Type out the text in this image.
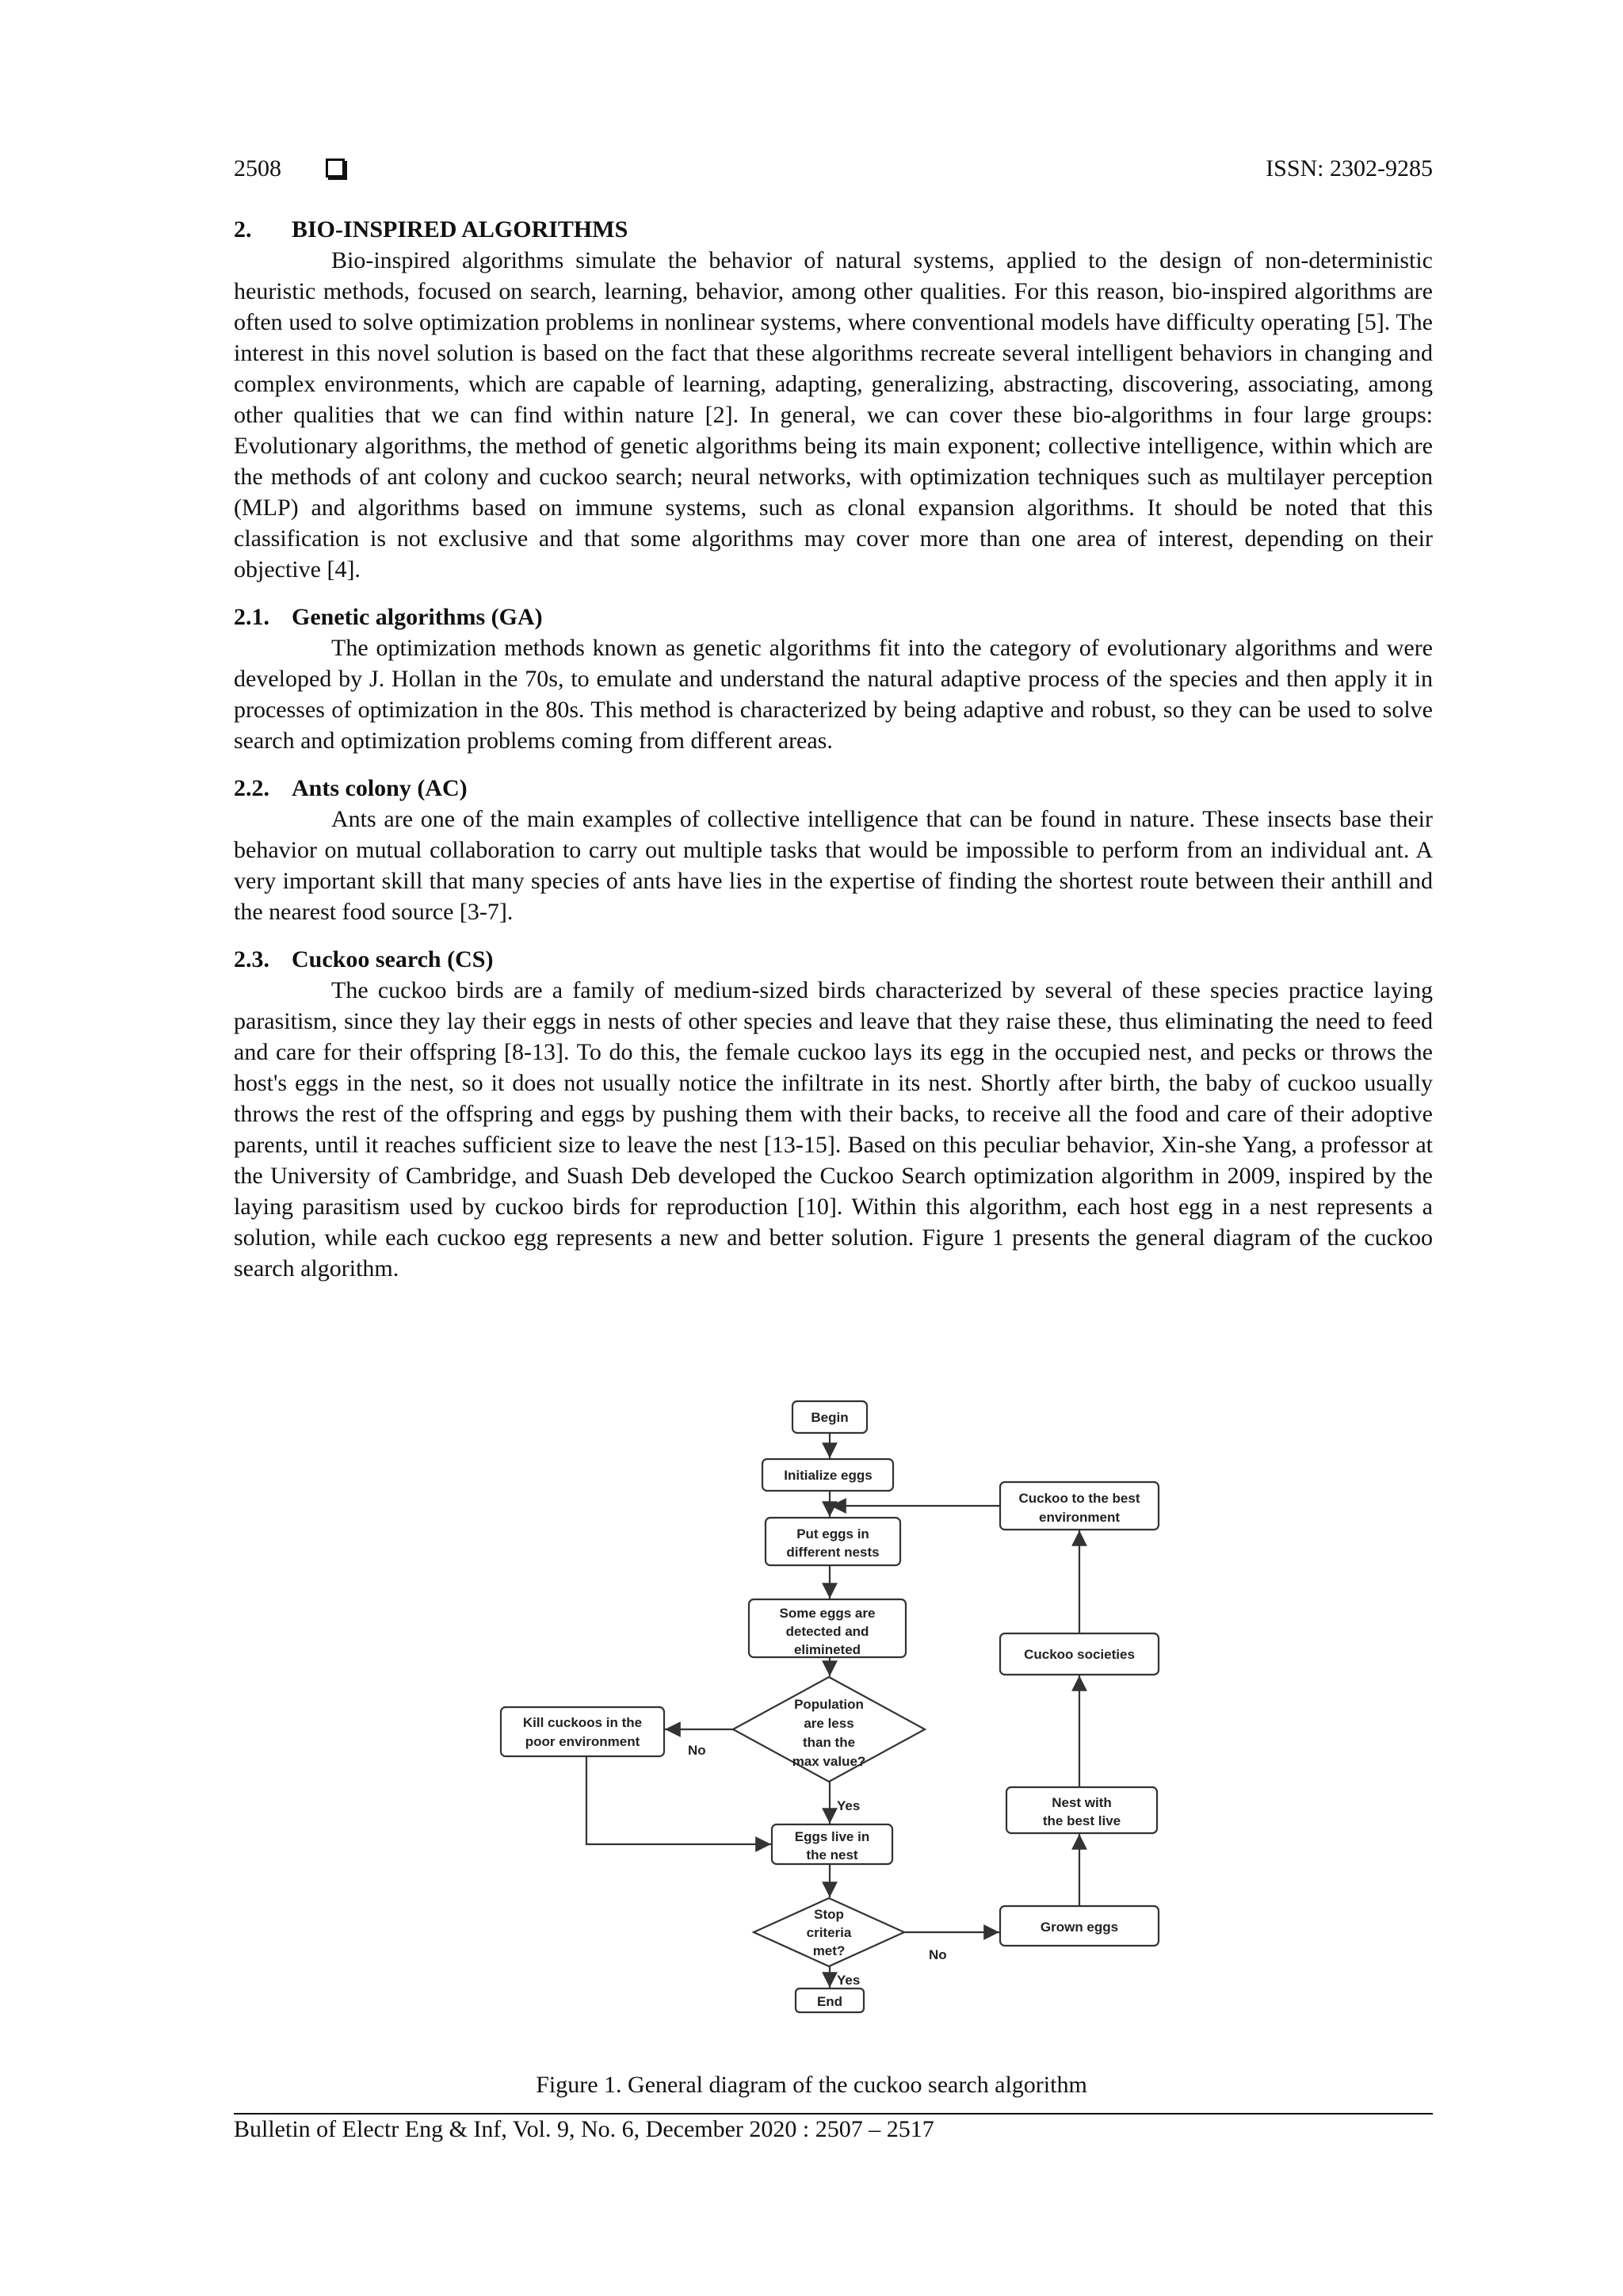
2508	ISSN: 2302-9285
2. BIO-INSPIRED ALGORITHMS

Bio-inspired algorithms simulate the behavior of natural systems, applied to the design of non-deterministic heuristic methods, focused on search, learning, behavior, among other qualities. For this reason, bio-inspired algorithms are often used to solve optimization problems in nonlinear systems, where conventional models have difficulty operating [5]. The interest in this novel solution is based on the fact that these algorithms recreate several intelligent behaviors in changing and complex environments, which are capable of learning, adapting, generalizing, abstracting, discovering, associating, among other qualities that we can find within nature [2]. In general, we can cover these bio-algorithms in four large groups: Evolutionary algorithms, the method of genetic algorithms being its main exponent; collective intelligence, within which are the methods of ant colony and cuckoo search; neural networks, with optimization techniques such as multilayer perception (MLP) and algorithms based on immune systems, such as clonal expansion algorithms. It should be noted that this classification is not exclusive and that some algorithms may cover more than one area of interest, depending on their objective [4].

2.1. Genetic algorithms (GA)

The optimization methods known as genetic algorithms fit into the category of evolutionary algorithms and were developed by J. Hollan in the 70s, to emulate and understand the natural adaptive process of the species and then apply it in processes of optimization in the 80s. This method is characterized by being adaptive and robust, so they can be used to solve search and optimization problems coming from different areas.

2.2. Ants colony (AC)

Ants are one of the main examples of collective intelligence that can be found in nature. These insects base their behavior on mutual collaboration to carry out multiple tasks that would be impossible to perform from an individual ant. A very important skill that many species of ants have lies in the expertise of finding the shortest route between their anthill and the nearest food source [3-7].

2.3. Cuckoo search (CS)

The cuckoo birds are a family of medium-sized birds characterized by several of these species practice laying parasitism, since they lay their eggs in nests of other species and leave that they raise these, thus eliminating the need to feed and care for their offspring [8-13]. To do this, the female cuckoo lays its egg in the occupied nest, and pecks or throws the host's eggs in the nest, so it does not usually notice the infiltrate in its nest. Shortly after birth, the baby of cuckoo usually throws the rest of the offspring and eggs by pushing them with their backs, to receive all the food and care of their adoptive parents, until it reaches sufficient size to leave the nest [13-15]. Based on this peculiar behavior, Xin-she Yang, a professor at the University of Cambridge, and Suash Deb developed the Cuckoo Search optimization algorithm in 2009, inspired by the laying parasitism used by cuckoo birds for reproduction [10]. Within this algorithm, each host egg in a nest represents a solution, while each cuckoo egg represents a new and better solution. Figure 1 presents the general diagram of the cuckoo search algorithm.

Begin
Initialize eggs
Put eggs in
different nests
Some eggs are
detected and
elimineted
Population
are less
than the
max value?
Kill cuckoos in the
poor environment
Eggs live in
the nest
Stop
criteria
met?
End
Grown eggs
Nest with
the best live
Cuckoo societies
Cuckoo to the best
environment
No
Yes
No
Yes
Figure 1. General diagram of the cuckoo search algorithm
Bulletin of Electr Eng & Inf, Vol. 9, No. 6, December 2020 : 2507 – 2517
